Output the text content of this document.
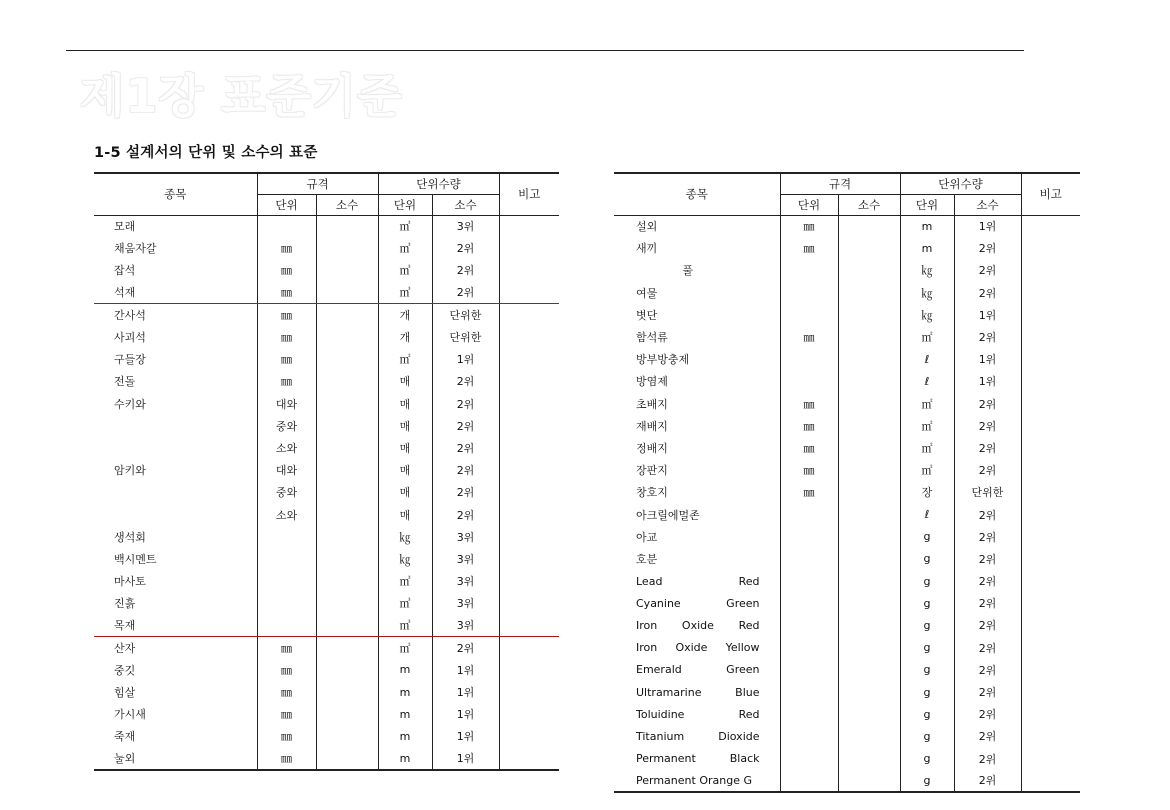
제1장 표준기준
1-5 설계서의 단위 및 소수의 표준
종목	규격		단위수량		비고
	단위	소수	단위	소수	
모래			㎥	3위	
채움자갈	㎜		㎥	2위	
잡석	㎜		㎥	2위	
석재	㎜		㎥	2위	
간사석	㎜		개	단위한	
사괴석	㎜		개	단위한	
구들장	㎜		㎡	1위	
전돌	㎜		매	2위	
수키와	대와		매	2위	
	중와		매	2위	
	소와		매	2위	
암키와	대와		매	2위	
	중와		매	2위	
	소와		매	2위	
생석회			㎏	3위	
백시멘트			㎏	3위	
마사토			㎥	3위	
진흙			㎥	3위	
목재			㎥	3위	
산자	㎜		㎡	2위	
중깃	㎜		m	1위	
힘살	㎜		m	1위	
가시새	㎜		m	1위	
죽재	㎜		m	1위	
눌외	㎜		m	1위	
종목	규격		단위수량		비고
	단위	소수	단위	소수	
설외	㎜		m	1위	
새끼	㎜		m	2위	
풀			㎏	2위	
여물			㎏	2위	
볏단			㎏	1위	
함석류	㎜		㎡	2위	
방부방충제			ℓ	1위	
방염제			ℓ	1위	
초배지	㎜		㎡	2위	
재배지	㎜		㎡	2위	
정배지	㎜		㎡	2위	
장판지	㎜		㎡	2위	
창호지	㎜		장	단위한	
아크릴에멀존			ℓ	2위	
아교			g	2위	
호분			g	2위	
Lead Red			g	2위	
Cyanine Green			g	2위	
Iron Oxide Red			g	2위	
Iron Oxide Yellow			g	2위	
Emerald Green			g	2위	
Ultramarine Blue			g	2위	
Toluidine Red			g	2위	
Titanium Dioxide			g	2위	
Permanent Black			g	2위	
Permanent Orange G			g	2위	
